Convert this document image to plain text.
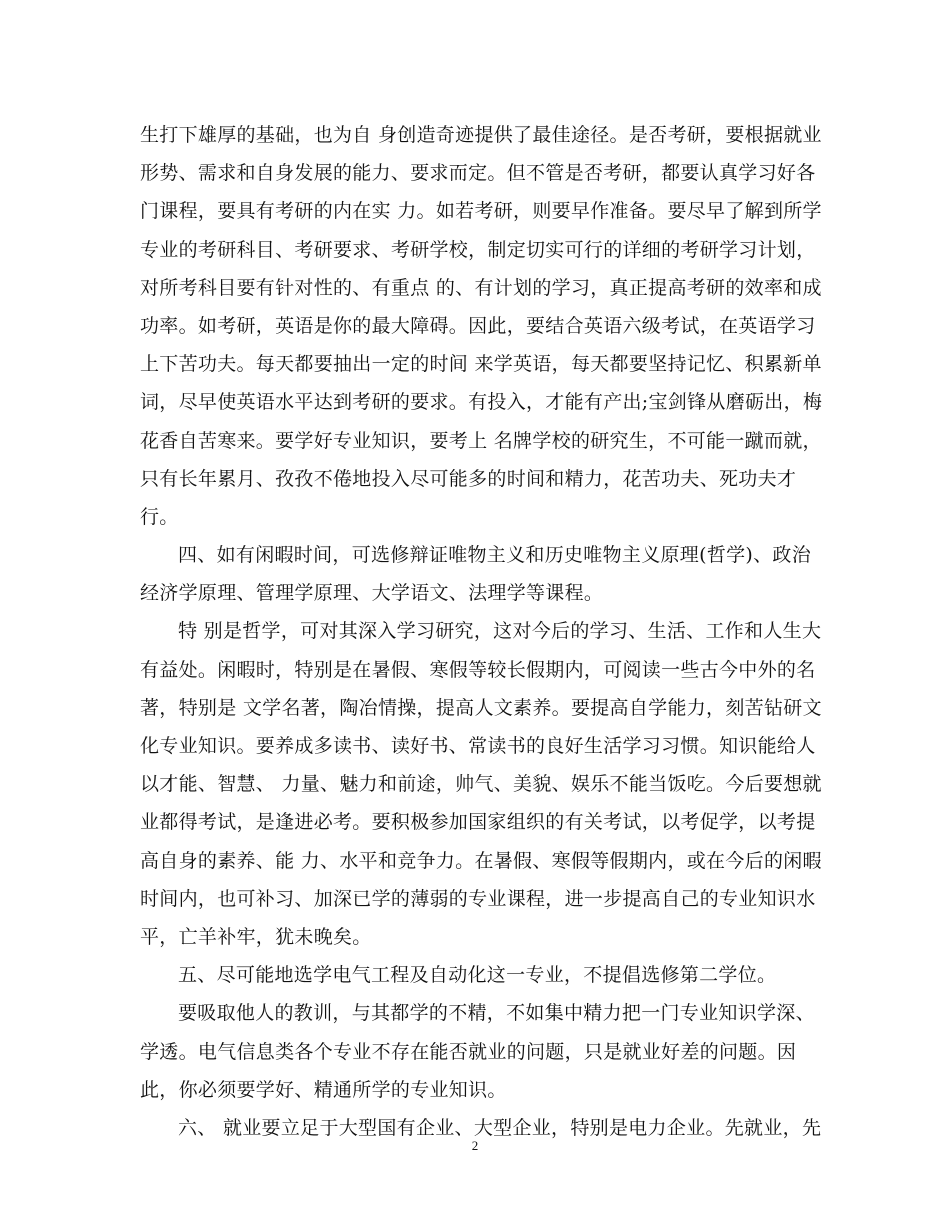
生打下雄厚的基础，也为自 身创造奇迹提供了最佳途径。是否考研，要根据就业
形势、需求和自身发展的能力、要求而定。但不管是否考研，都要认真学习好各
门课程，要具有考研的内在实 力。如若考研，则要早作准备。要尽早了解到所学
专业的考研科目、考研要求、考研学校，制定切实可行的详细的考研学习计划，
对所考科目要有针对性的、有重点 的、有计划的学习，真正提高考研的效率和成
功率。如考研，英语是你的最大障碍。因此，要结合英语六级考试，在英语学习
上下苦功夫。每天都要抽出一定的时间 来学英语，每天都要坚持记忆、积累新单
词，尽早使英语水平达到考研的要求。有投入，才能有产出;宝剑锋从磨砺出，梅
花香自苦寒来。要学好专业知识，要考上 名牌学校的研究生，不可能一蹴而就，
只有长年累月、孜孜不倦地投入尽可能多的时间和精力，花苦功夫、死功夫才
行。
四、如有闲暇时间，可选修辩证唯物主义和历史唯物主义原理(哲学)、政治
经济学原理、管理学原理、大学语文、法理学等课程。
特 别是哲学，可对其深入学习研究，这对今后的学习、生活、工作和人生大
有益处。闲暇时，特别是在暑假、寒假等较长假期内，可阅读一些古今中外的名
著，特别是 文学名著，陶冶情操，提高人文素养。要提高自学能力，刻苦钻研文
化专业知识。要养成多读书、读好书、常读书的良好生活学习习惯。知识能给人
以才能、智慧、 力量、魅力和前途，帅气、美貌、娱乐不能当饭吃。今后要想就
业都得考试，是逢进必考。要积极参加国家组织的有关考试，以考促学，以考提
高自身的素养、能 力、水平和竞争力。在暑假、寒假等假期内，或在今后的闲暇
时间内，也可补习、加深已学的薄弱的专业课程，进一步提高自己的专业知识水
平，亡羊补牢，犹未晚矣。
五、尽可能地选学电气工程及自动化这一专业，不提倡选修第二学位。
要吸取他人的教训，与其都学的不精，不如集中精力把一门专业知识学深、
学透。电气信息类各个专业不存在能否就业的问题，只是就业好差的问题。因
此，你必须要学好、精通所学的专业知识。
六、 就业要立足于大型国有企业、大型企业，特别是电力企业。先就业，先
2
